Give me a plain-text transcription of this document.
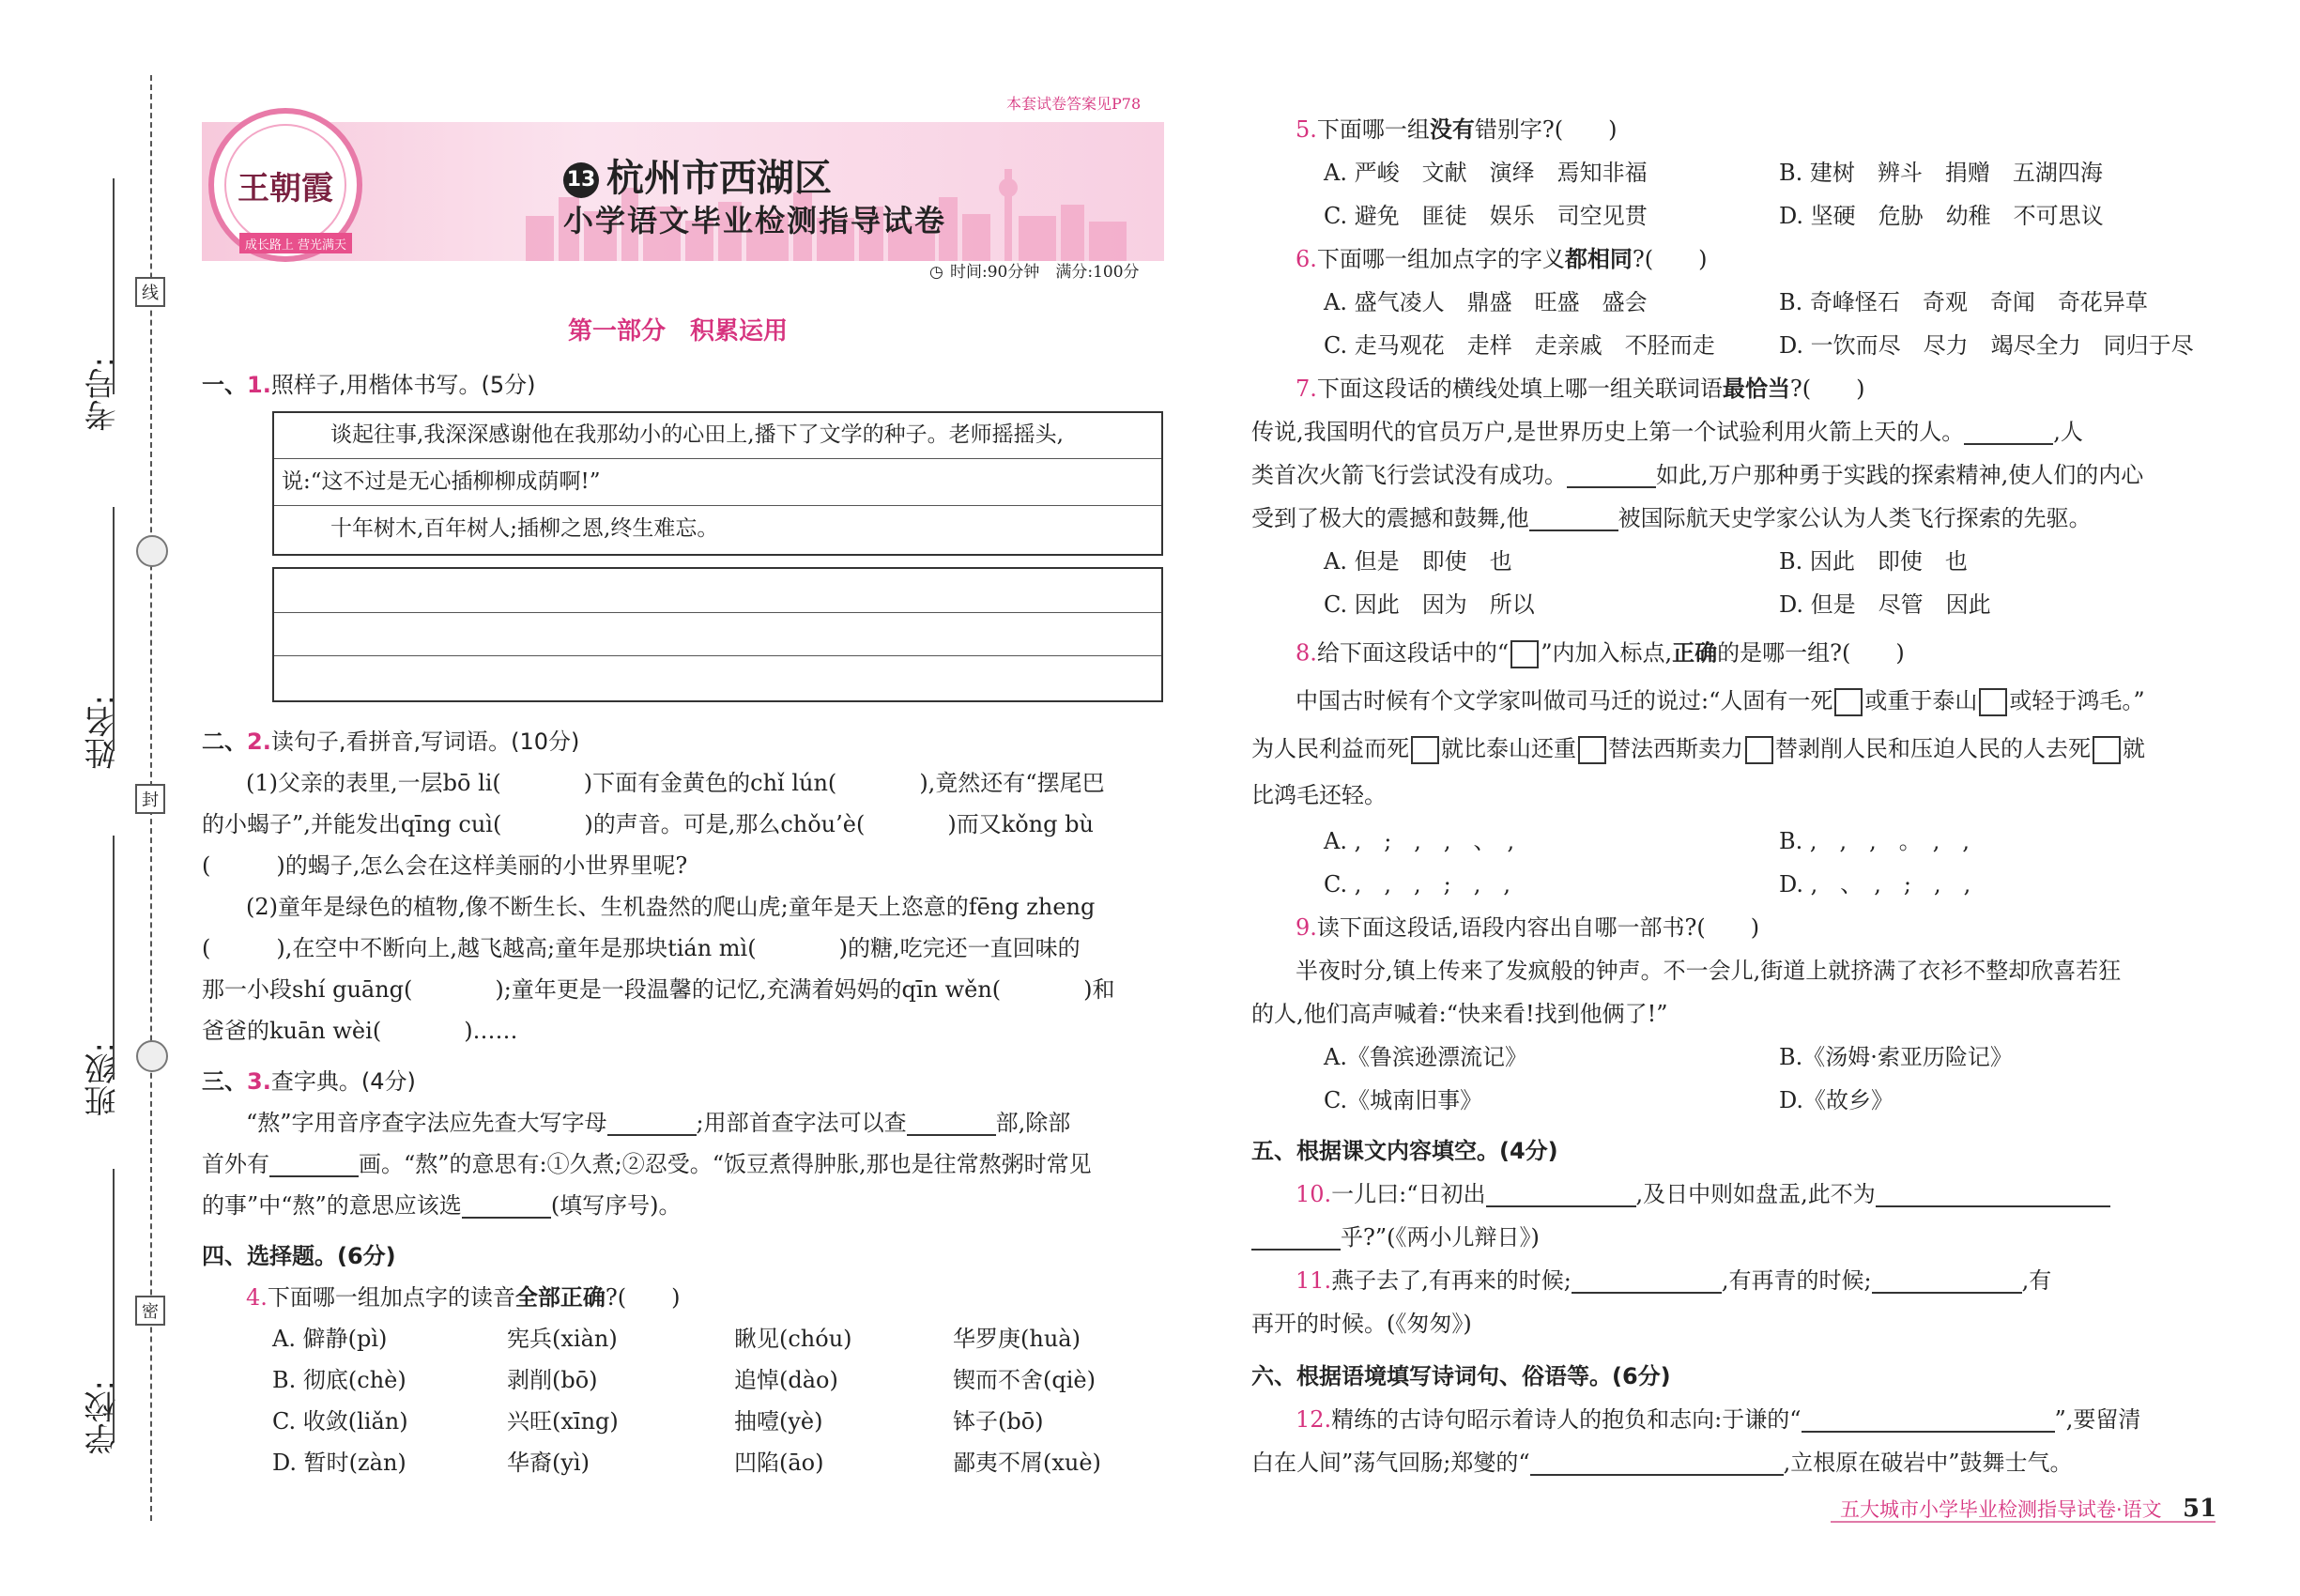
线
封
密
考号:
姓名:
班级:
学校:
本套试卷答案见P78
王朝霞
成长路上 营光满天
13 杭州市西湖区
小学语文毕业检测指导试卷
◷ 时间:90分钟　满分:100分
第一部分　积累运用
一、1.照样子,用楷体书写。(5分)
谈起往事,我深深感谢他在我那幼小的心田上,播下了文学的种子。老师摇摇头,
说:“这不过是无心插柳柳成荫啊!”
十年树木,百年树人;插柳之恩,终生难忘。
二、2.读句子,看拼音,写词语。(10分)
(1)父亲的表里,一层bō li(	)下面有金黄色的chǐ lún(	),竟然还有“摆尾巴
的小蝎子”,并能发出qīng cuì(	)的声音。可是,那么chǒu’è(	)而又kǒng bù
(	)的蝎子,怎么会在这样美丽的小世界里呢?
(2)童年是绿色的植物,像不断生长、生机盎然的爬山虎;童年是天上恣意的fēng zheng
(	),在空中不断向上,越飞越高;童年是那块tián mì(	)的糖,吃完还一直回味的
那一小段shí guāng(	);童年更是一段温馨的记忆,充满着妈妈的qīn wěn(	)和
爸爸的kuān wèi(	)……
三、3.查字典。(4分)
“熬”字用音序查字法应先查大写字母	;用部首查字法可以查	部,除部
首外有	画。“熬”的意思有:①久煮;②忍受。“饭豆煮得肿胀,那也是往常熬粥时常见
的事”中“熬”的意思应该选	(填写序号)。
四、选择题。(6分)
4.下面哪一组加点字的读音全部正确?(　　)
A. 僻静(pì)	宪兵(xiàn)	瞅见(chóu)	华罗庚(huà)
B. 彻底(chè)	剥削(bō)	追悼(dào)	锲而不舍(qiè)
C. 收敛(liǎn)	兴旺(xīng)	抽噎(yè)	钵子(bō)
D. 暂时(zàn)	华裔(yì)	凹陷(āo)	鄙夷不屑(xuè)
5.下面哪一组没有错别字?(　　)
A. 严峻　文献　演绎　焉知非福	B. 建树　辨斗　捐赠　五湖四海
C. 避免　匪徒　娱乐　司空见贯	D. 坚硬　危胁　幼稚　不可思议
6.下面哪一组加点字的字义都相同?(　　)
A. 盛气凌人　鼎盛　旺盛　盛会	B. 奇峰怪石　奇观　奇闻　奇花异草
C. 走马观花　走样　走亲戚　不胫而走	D. 一饮而尽　尽力　竭尽全力　同归于尽
7.下面这段话的横线处填上哪一组关联词语最恰当?(　　)
传说,我国明代的官员万户,是世界历史上第一个试验利用火箭上天的人。	,人
类首次火箭飞行尝试没有成功。	如此,万户那种勇于实践的探索精神,使人们的内心
受到了极大的震撼和鼓舞,他	被国际航天史学家公认为人类飞行探索的先驱。
A. 但是　即使　也	B. 因此　即使　也
C. 因此　因为　所以	D. 但是　尽管　因此
8.给下面这段话中的“ ”内加入标点,正确的是哪一组?(　　)
中国古时候有个文学家叫做司马迁的说过:“人固有一死 或重于泰山 或轻于鸿毛。”
为人民利益而死 就比泰山还重 替法西斯卖力 替剥削人民和压迫人民的人去死 就
比鸿毛还轻。
A. ,　;　,　,　、　,	B. ,　,　,　。　,　,
C. ,　,　,　;　,　,	D. ,　、　,　;　,　,
9.读下面这段话,语段内容出自哪一部书?(　　)
半夜时分,镇上传来了发疯般的钟声。不一会儿,街道上就挤满了衣衫不整却欣喜若狂
的人,他们高声喊着:“快来看!找到他俩了!”
A.《鲁滨逊漂流记》	B.《汤姆·索亚历险记》
C.《城南旧事》	D.《故乡》
五、根据课文内容填空。(4分)
10.一儿曰:“日初出	,及日中则如盘盂,此不为
乎?”(《两小儿辩日》)
11.燕子去了,有再来的时候;	,有再青的时候;	,有
再开的时候。(《匆匆》)
六、根据语境填写诗词句、俗语等。(6分)
12.精练的古诗句昭示着诗人的抱负和志向:于谦的“	”,要留清
白在人间”荡气回肠;郑燮的“	,立根原在破岩中”鼓舞士气。
五大城市小学毕业检测指导试卷·语文 51
